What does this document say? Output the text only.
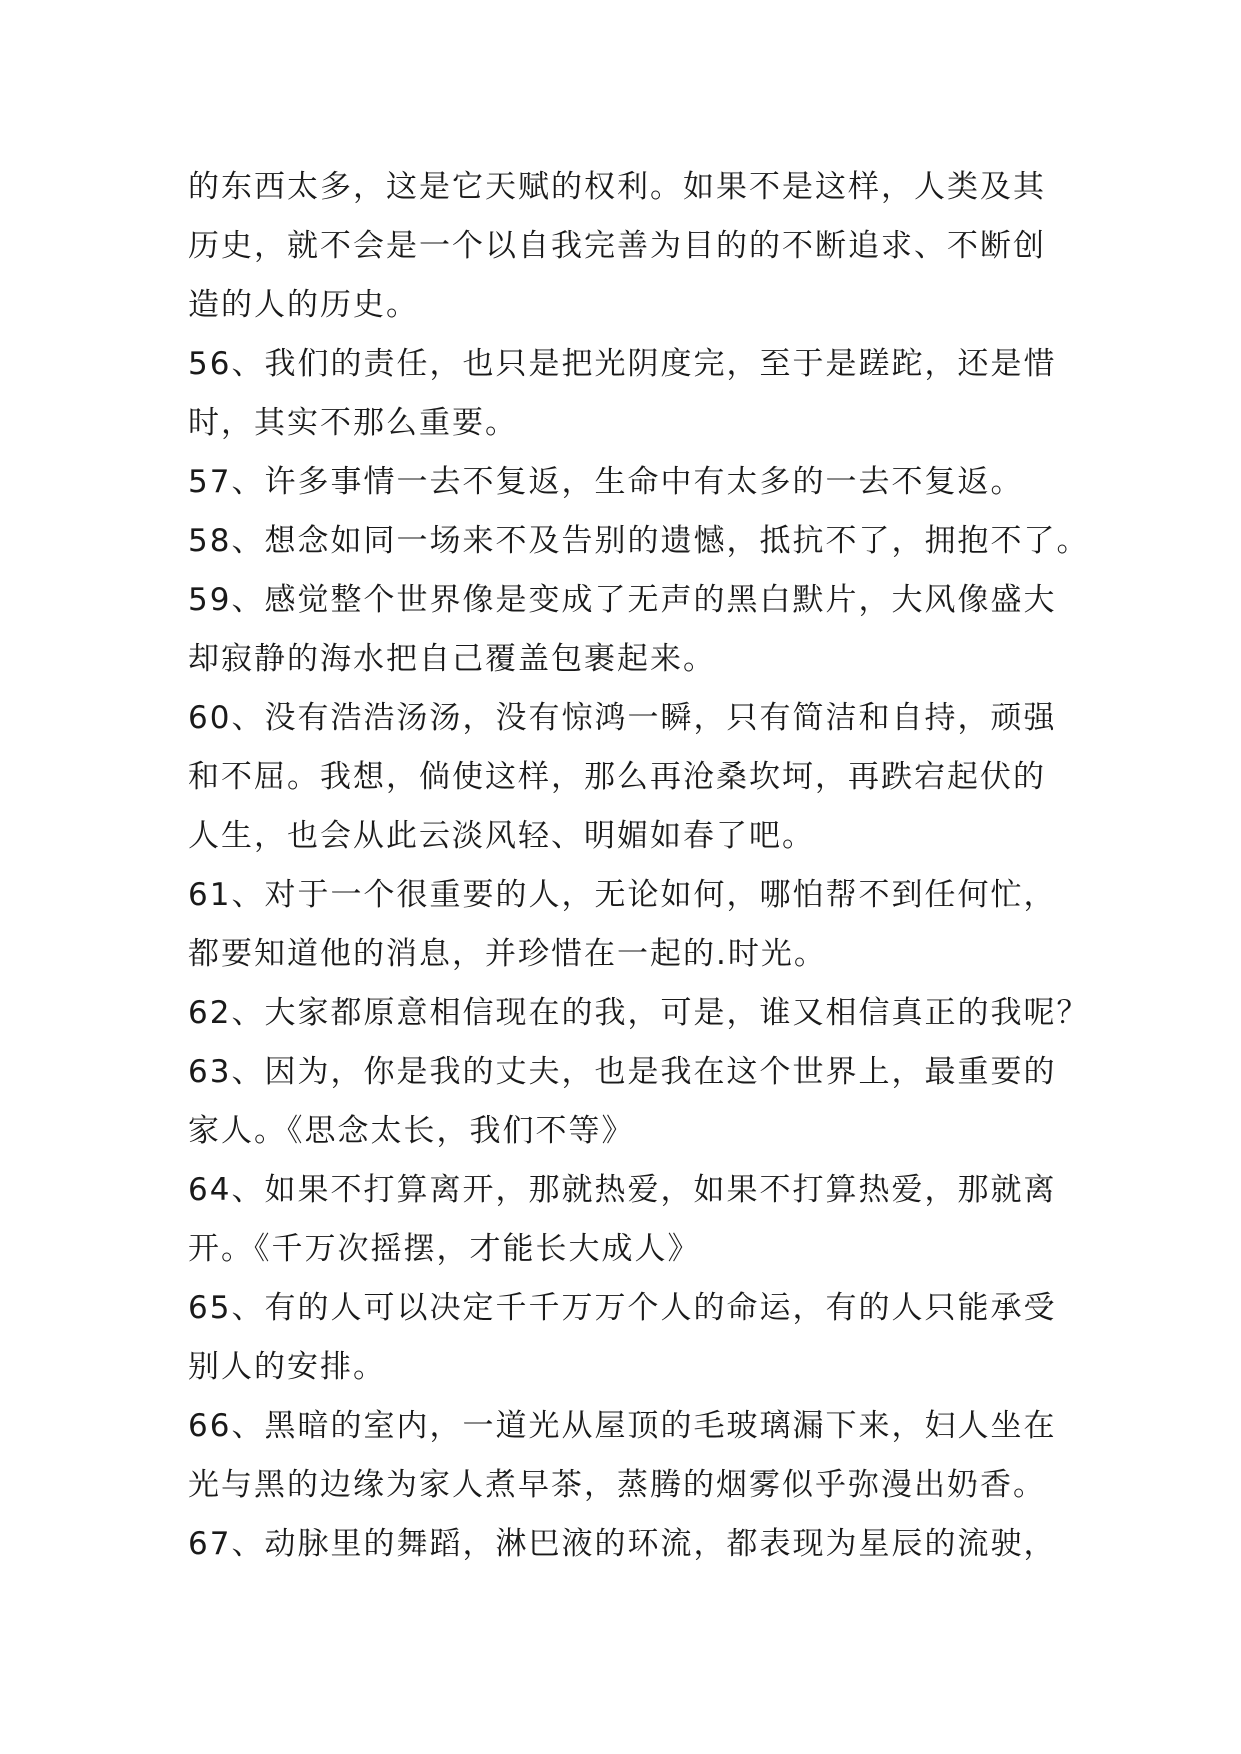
的东西太多，这是它天赋的权利。如果不是这样，人类及其
历史，就不会是一个以自我完善为目的的不断追求、不断创
造的人的历史。
56、我们的责任，也只是把光阴度完，至于是蹉跎，还是惜
时，其实不那么重要。
57、许多事情一去不复返，生命中有太多的一去不复返。
58、想念如同一场来不及告别的遗憾，抵抗不了，拥抱不了。
59、感觉整个世界像是变成了无声的黑白默片，大风像盛大
却寂静的海水把自己覆盖包裹起来。
60、没有浩浩汤汤，没有惊鸿一瞬，只有简洁和自持，顽强
和不屈。我想，倘使这样，那么再沧桑坎坷，再跌宕起伏的
人生，也会从此云淡风轻、明媚如春了吧。
61、对于一个很重要的人，无论如何，哪怕帮不到任何忙，
都要知道他的消息，并珍惜在一起的.时光。
62、大家都原意相信现在的我，可是，谁又相信真正的我呢？
63、因为，你是我的丈夫，也是我在这个世界上，最重要的
家人。《思念太长，我们不等》
64、如果不打算离开，那就热爱，如果不打算热爱，那就离
开。《千万次摇摆，才能长大成人》
65、有的人可以决定千千万万个人的命运，有的人只能承受
别人的安排。
66、黑暗的室内，一道光从屋顶的毛玻璃漏下来，妇人坐在
光与黑的边缘为家人煮早茶，蒸腾的烟雾似乎弥漫出奶香。
67、动脉里的舞蹈，淋巴液的环流，都表现为星辰的流驶，
